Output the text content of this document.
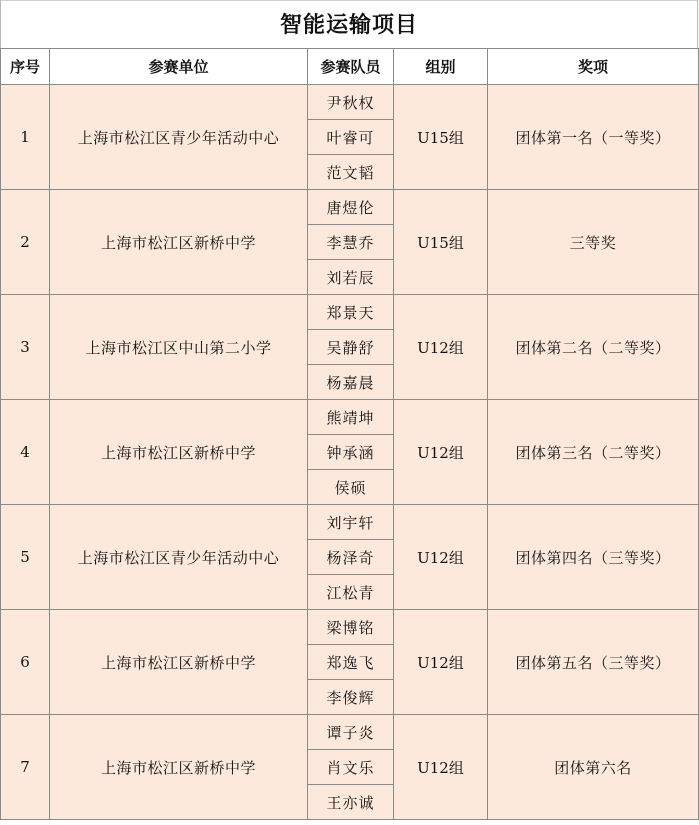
智能运输项目
序号	参赛单位	参赛队员	组别	奖项
1	上海市松江区青少年活动中心	尹秋权	U15组	团体第一名（一等奖）
		叶睿可		
		范文韬		
2	上海市松江区新桥中学	唐煜伦	U15组	三等奖
		李慧乔		
		刘若辰		
3	上海市松江区中山第二小学	郑景天	U12组	团体第二名（二等奖）
		吴静舒		
		杨嘉晨		
4	上海市松江区新桥中学	熊靖坤	U12组	团体第三名（二等奖）
		钟承涵		
		侯硕		
5	上海市松江区青少年活动中心	刘宇轩	U12组	团体第四名（三等奖）
		杨泽奇		
		江松青		
6	上海市松江区新桥中学	梁博铭	U12组	团体第五名（三等奖）
		郑逸飞		
		李俊辉		
7	上海市松江区新桥中学	谭子炎	U12组	团体第六名
		肖文乐		
		王亦诚		
